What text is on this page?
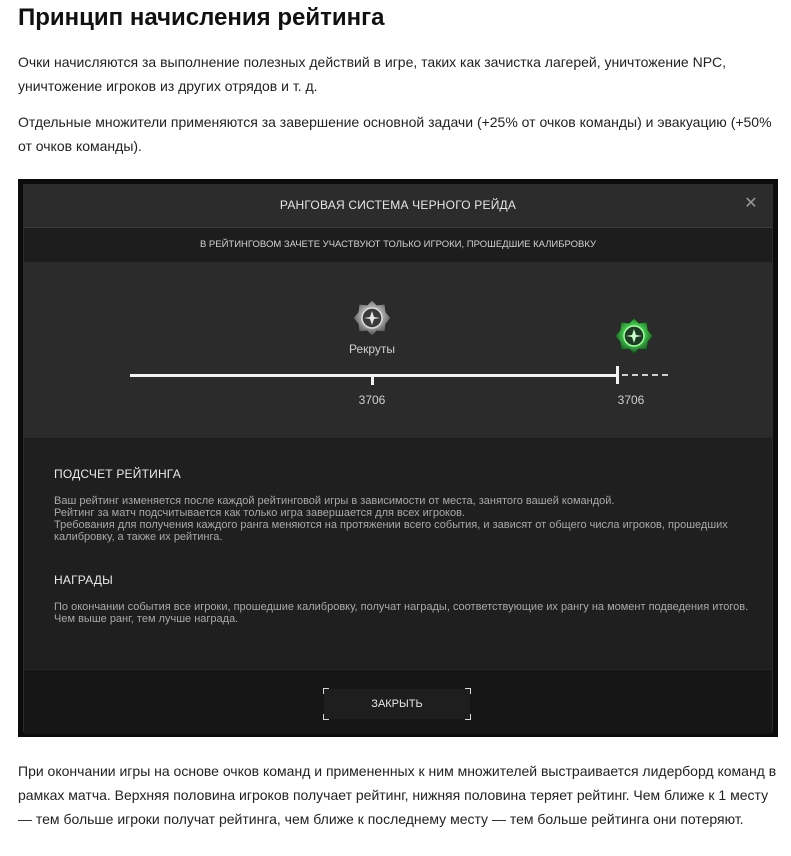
Принцип начисления рейтинга

Очки начисляются за выполнение полезных действий в игре, таких как зачистка лагерей, уничтожение NPC, уничтожение игроков из других отрядов и т. д.

Отдельные множители применяются за завершение основной задачи (+25% от очков команды) и эвакуацию (+50% от очков команды).

РАНГОВАЯ СИСТЕМА ЧЕРНОГО РЕЙДА	✕
В РЕЙТИНГОВОМ ЗАЧЕТЕ УЧАСТВУЮТ ТОЛЬКО ИГРОКИ, ПРОШЕДШИЕ КАЛИБРОВКУ
Рекруты
3706	3706
ПОДСЧЕТ РЕЙТИНГА

Ваш рейтинг изменяется после каждой рейтинговой игры в зависимости от места, занятого вашей командой.
Рейтинг за матч подсчитывается как только игра завершается для всех игроков.
Требования для получения каждого ранга меняются на протяжении всего события, и зависят от общего числа игроков, прошедших калибровку, а также их рейтинга.

НАГРАДЫ

По окончании события все игроки, прошедшие калибровку, получат награды, соответствующие их рангу на момент подведения итогов.
Чем выше ранг, тем лучше награда.

ЗАКРЫТЬ

При окончании игры на основе очков команд и примененных к ним множителей выстраивается лидерборд команд в рамках матча. Верхняя половина игроков получает рейтинг, нижняя половина теряет рейтинг. Чем ближе к 1 месту — тем больше игроки получат рейтинга, чем ближе к последнему месту — тем больше рейтинга они потеряют.
